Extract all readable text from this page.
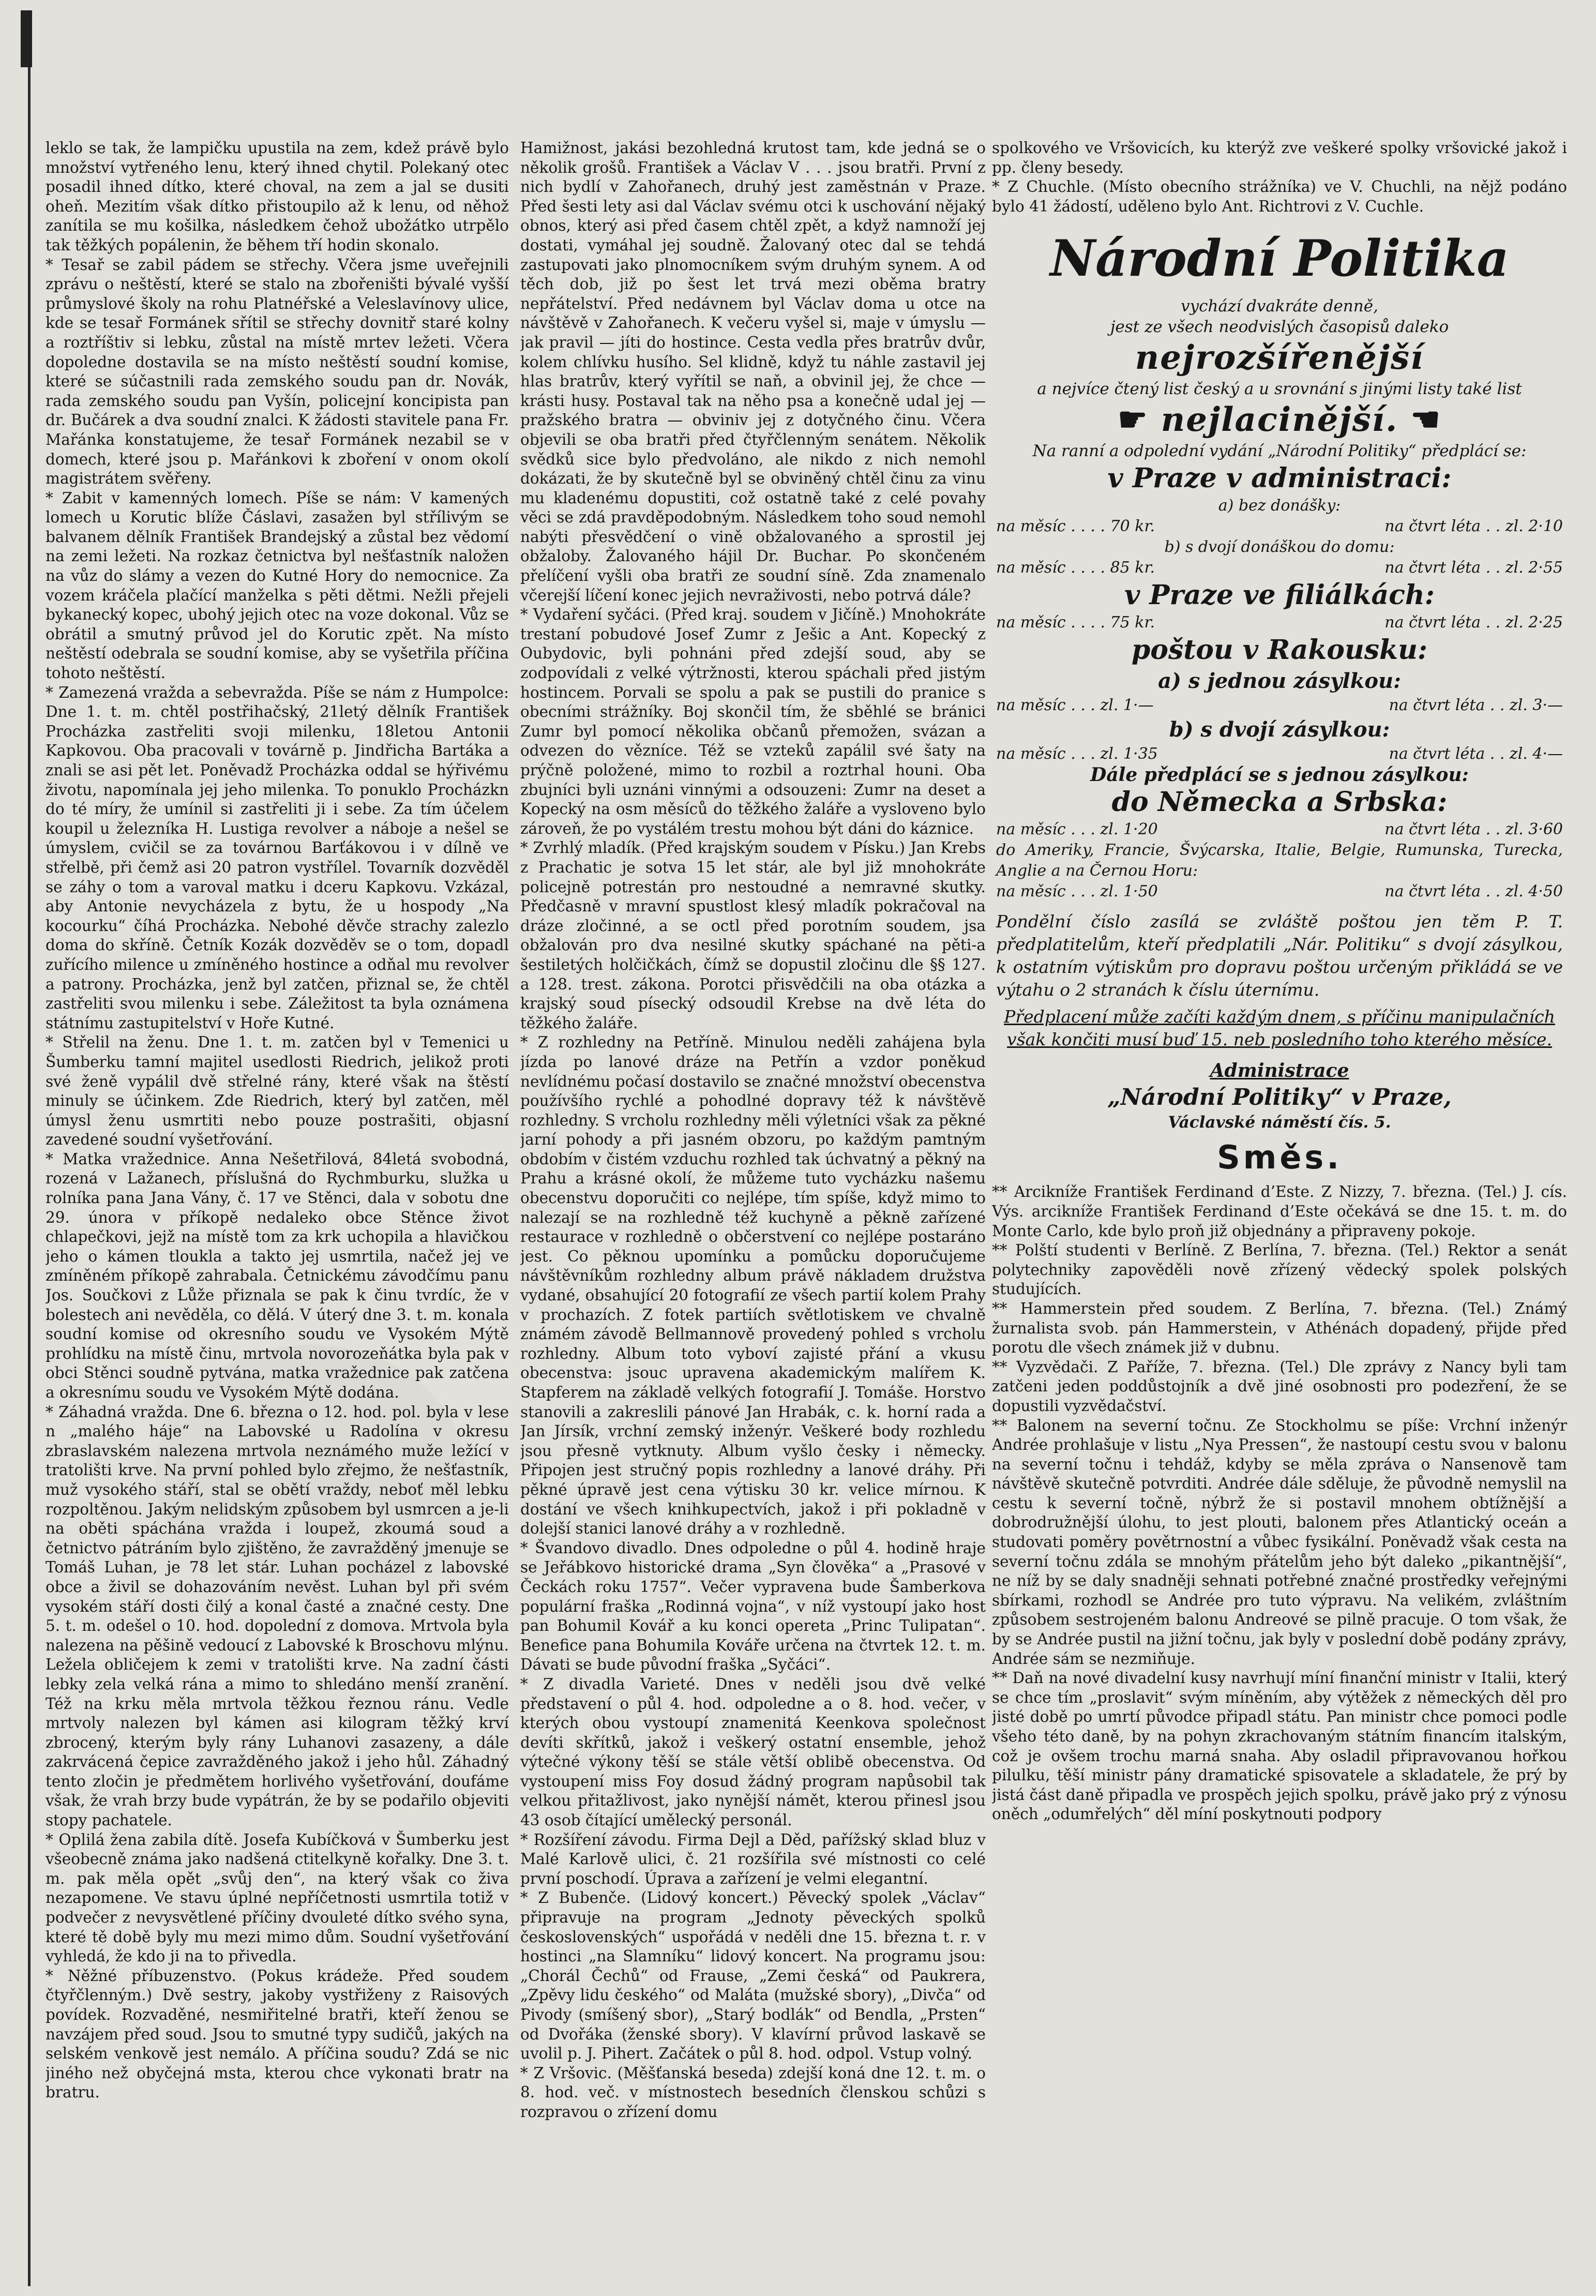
leklo se tak, že lampičku upustila na zem, kdež právě bylo množství vytřeného lenu, který ihned chytil. Polekaný otec posadil ihned dítko, které choval, na zem a jal se dusiti oheň. Mezitím však dítko přistoupilo až k lenu, od něhož zanítila se mu košilka, následkem čehož ubožátko utrpělo tak těžkých popálenin, že během tří hodin skonalo.

* Tesař se zabil pádem se střechy. Včera jsme uveřejnili zprávu o neštěstí, které se stalo na zbořeništi bývalé vyšší průmyslové školy na rohu Platnéřské a Veleslavínovy ulice, kde se tesař Formánek sřítil se střechy dovnitř staré kolny a roztříštiv si lebku, zůstal na místě mrtev ležeti. Včera dopoledne dostavila se na místo neštěstí soudní komise, které se súčastnili rada zemského soudu pan dr. Novák, rada zemského soudu pan Vyšín, policejní koncipista pan dr. Bučárek a dva soudní znalci. K žádosti stavitele pana Fr. Mařánka konstatujeme, že tesař Formánek nezabil se v domech, které jsou p. Mařánkovi k zboření v onom okolí magistrátem svěřeny.

* Zabit v kamenných lomech. Píše se nám: V kamených lomech u Korutic blíže Čáslavi, zasažen byl střílivým se balvanem dělník František Brandejský a zůstal bez vědomí na zemi ležeti. Na rozkaz četnictva byl nešťastník naložen na vůz do slámy a vezen do Kutné Hory do nemocnice. Za vozem kráčela plačící manželka s pěti dětmi. Nežli přejeli bykanecký kopec, ubohý jejich otec na voze dokonal. Vůz se obrátil a smutný průvod jel do Korutic zpět. Na místo neštěstí odebrala se soudní komise, aby se vyšetřila příčina tohoto neštěstí.

* Zamezená vražda a sebevražda. Píše se nám z Humpolce: Dne 1. t. m. chtěl postřihačský, 21letý dělník František Procházka zastřeliti svoji milenku, 18letou Antonii Kapkovou. Oba pracovali v továrně p. Jindřicha Bartáka a znali se asi pět let. Poněvadž Procházka oddal se hýřivému životu, napomínala jej jeho milenka. To ponuklo Procházkn do té míry, že umínil si zastřeliti ji i sebe. Za tím účelem koupil u železníka H. Lustiga revolver a náboje a nešel se úmyslem, cvičil se za továrnou Barťákovou i v dílně ve střelbě, při čemž asi 20 patron vystřílel. Tovarník dozvěděl se záhy o tom a varoval matku i dceru Kapkovu. Vzkázal, aby Antonie nevycházela z bytu, že u hospody „Na kocourku“ číhá Procházka. Nebohé děvče strachy zalezlo doma do skříně. Četník Kozák dozvěděv se o tom, dopadl zuřícího milence u zmíněného hostince a odňal mu revolver a patrony. Procházka, jenž byl zatčen, přiznal se, že chtěl zastřeliti svou milenku i sebe. Záležitost ta byla oznámena státnímu zastupitelství v Hoře Kutné.

* Střelil na ženu. Dne 1. t. m. zatčen byl v Temenici u Šumberku tamní majitel usedlosti Riedrich, jelikož proti své ženě vypálil dvě střelné rány, které však na štěstí minuly se účinkem. Zde Riedrich, který byl zatčen, měl úmysl ženu usmrtiti nebo pouze postrašiti, objasní zavedené soudní vyšetřování.

* Matka vražednice. Anna Nešetřilová, 84letá svobodná, rozená v Lažanech, příslušná do Rychmburku, služka u rolníka pana Jana Vány, č. 17 ve Stěnci, dala v sobotu dne 29. února v příkopě nedaleko obce Stěnce život chlapečkovi, jejž na místě tom za krk uchopila a hlavičkou jeho o kámen tloukla a takto jej usmrtila, načež jej ve zmíněném příkopě zahrabala. Četnickému závodčímu panu Jos. Součkovi z Lůže přiznala se pak k činu tvrdíc, že v bolestech ani nevěděla, co dělá. V úterý dne 3. t. m. konala soudní komise od okresního soudu ve Vysokém Mýtě prohlídku na místě činu, mrtvola novorozeňátka byla pak v obci Stěnci soudně pytvána, matka vražednice pak zatčena a okresnímu soudu ve Vysokém Mýtě dodána.

* Záhadná vražda. Dne 6. března o 12. hod. pol. byla v lese n „malého háje“ na Labovské u Radolína v okresu zbraslavském nalezena mrtvola neznámého muže ležící v tratolišti krve. Na první pohled bylo zřejmo, že nešťastník, muž vysokého stáří, stal se obětí vraždy, neboť měl lebku rozpoltěnou. Jakým nelidským způsobem byl usmrcen a je-li na oběti spáchána vražda i loupež, zkoumá soud a četnictvo pátráním bylo zjištěno, že zavražděný jmenuje se Tomáš Luhan, je 78 let stár. Luhan pocházel z labovské obce a živil se dohazováním nevěst. Luhan byl při svém vysokém stáří dosti čilý a konal časté a značné cesty. Dne 5. t. m. odešel o 10. hod. dopolední z domova. Mrtvola byla nalezena na pěšině vedoucí z Labovské k Broschovu mlýnu. Ležela obličejem k zemi v tratolišti krve. Na zadní části lebky zela velká rána a mimo to shledáno menší zranění. Též na krku měla mrtvola těžkou řeznou ránu. Vedle mrtvoly nalezen byl kámen asi kilogram těžký krví zbrocený, kterým byly rány Luhanovi zasazeny, a dále zakrvácená čepice zavražděného jakož i jeho hůl. Záhadný tento zločin je předmětem horlivého vyšetřování, doufáme však, že vrah brzy bude vypátrán, že by se podařilo objeviti stopy pachatele.

* Oplilá žena zabila dítě. Josefa Kubíčková v Šumberku jest všeobecně známa jako nadšená ctitelkyně kořalky. Dne 3. t. m. pak měla opět „svůj den“, na který však co živa nezapomene. Ve stavu úplné nepříčetnosti usmrtila totiž v podvečer z nevysvětlené příčiny dvouleté dítko svého syna, které tě době byly mu mezi mimo dům. Soudní vyšetřování vyhledá, že kdo ji na to přivedla.

* Něžné příbuzenstvo. (Pokus krádeže. Před soudem čtyřčlenným.) Dvě sestry, jakoby vystřiženy z Raisových povídek. Rozvaděné, nesmiřitelné bratři, kteří ženou se navzájem před soud. Jsou to smutné typy sudičů, jakých na selském venkově jest nemálo. A příčina soudu? Zdá se nic jiného než obyčejná msta, kterou chce vykonati bratr na bratru.

Hamižnost, jakási bezohledná krutost tam, kde jedná se o několik grošů. František a Václav V . . . jsou bratři. První z nich bydlí v Zahořanech, druhý jest zaměstnán v Praze. Před šesti lety asi dal Václav svému otci k uschování nějaký obnos, který asi před časem chtěl zpět, a když namnoží jej dostati, vymáhal jej soudně. Žalovaný otec dal se tehdá zastupovati jako plnomocníkem svým druhým synem. A od těch dob, již po šest let trvá mezi oběma bratry nepřátelství. Před nedávnem byl Václav doma u otce na návštěvě v Zahořanech. K večeru vyšel si, maje v úmyslu — jak pravil — jíti do hostince. Cesta vedla přes bratrův dvůr, kolem chlívku husího. Sel klidně, když tu náhle zastavil jej hlas bratrův, který vyřítil se naň, a obvinil jej, že chce — krásti husy. Postaval tak na něho psa a konečně udal jej — pražského bratra — obviniv jej z dotyčného činu. Včera objevili se oba bratři před čtyřčlenným senátem. Několik svědků sice bylo předvoláno, ale nikdo z nich nemohl dokázati, že by skutečně byl se obviněný chtěl činu za vinu mu kladenému dopustiti, což ostatně také z celé povahy věci se zdá pravděpodobným. Následkem toho soud nemohl nabýti přesvědčení o vině obžalovaného a sprostil jej obžaloby. Žalovaného hájil Dr. Buchar. Po skončeném přelíčení vyšli oba bratři ze soudní síně. Zda znamenalo včerejší líčení konec jejich nevraživosti, nebo potrvá dále?

* Vydaření syčáci. (Před kraj. soudem v Jičíně.) Mnohokráte trestaní pobudové Josef Zumr z Ješic a Ant. Kopecký z Oubydovic, byli pohnáni před zdejší soud, aby se zodpovídali z velké výtržnosti, kterou spáchali před jistým hostincem. Porvali se spolu a pak se pustili do pranice s obecními strážníky. Boj skončil tím, že sběhlé se bránici Zumr byl pomocí několika občanů přemožen, svázan a odvezen do vězníce. Též se vzteků zapálil své šaty na prýčně položené, mimo to rozbil a roztrhal houni. Oba zbujníci byli uznáni vinnými a odsouzeni: Zumr na deset a Kopecký na osm měsíců do těžkého žaláře a vysloveno bylo zároveň, že po vystálém trestu mohou být dáni do káznice.

* Zvrhlý mladík. (Před krajským soudem v Písku.) Jan Krebs z Prachatic je sotva 15 let stár, ale byl již mnohokráte policejně potrestán pro nestoudné a nemravné skutky. Předčasně v mravní spustlost klesý mladík pokračoval na dráze zločinné, a se octl před porotním soudem, jsa obžalován pro dva nesilné skutky spáchané na pěti-a šestiletých holčičkách, čímž se dopustil zločinu dle §§ 127. a 128. trest. zákona. Porotci přisvědčili na oba otázka a krajský soud písecký odsoudil Krebse na dvě léta do těžkého žaláře.

* Z rozhledny na Petříně. Minulou neděli zahájena byla jízda po lanové dráze na Petřín a vzdor poněkud nevlídnému počasí dostavilo se značné množství obecenstva používšího rychlé a pohodlné dopravy též k návštěvě rozhledny. S vrcholu rozhledny měli výletníci však za pěkné jarní pohody a při jasném obzoru, po každým pamtným obdobím v čistém vzduchu rozhled tak úchvatný a pěkný na Prahu a krásné okolí, že můžeme tuto vycházku našemu obecenstvu doporučiti co nejlépe, tím spíše, když mimo to nalezají se na rozhledně též kuchyně a pěkně zařízené restaurace v rozhledně o občerstvení co nejlépe postaráno jest. Co pěknou upomínku a pomůcku doporučujeme návštěvníkům rozhledny album právě nákladem družstva vydané, obsahující 20 fotografií ze všech partií kolem Prahy v prochazích. Z fotek partiích světlotiskem ve chvalně známém závodě Bellmannově provedený pohled s vrcholu rozhledny. Album toto vyboví zajisté přání a vkusu obecenstva: jsouc upravena akademickým malířem K. Stapferem na základě velkých fotografií J. Tomáše. Horstvo stanovili a zakreslili pánové Jan Hrabák, c. k. horní rada a Jan Jírsík, vrchní zemský inženýr. Veškeré body rozhledu jsou přesně vytknuty. Album vyšlo česky i německy. Připojen jest stručný popis rozhledny a lanové dráhy. Při pěkné úpravě jest cena výtisku 30 kr. velice mírnou. K dostání ve všech knihkupectvích, jakož i při pokladně v dolejší stanici lanové dráhy a v rozhledně.

* Švandovo divadlo. Dnes odpoledne o půl 4. hodině hraje se Jeřábkovo historické drama „Syn člověka“ a „Prasové v Čeckách roku 1757“. Večer vypravena bude Šamberkova populární fraška „Rodinná vojna“, v níž vystoupí jako host pan Bohumil Kovář a ku konci opereta „Princ Tulipatan“. Benefice pana Bohumila Kováře určena na čtvrtek 12. t. m. Dávati se bude původní fraška „Syčáci“.

* Z divadla Varieté. Dnes v neděli jsou dvě velké představení o půl 4. hod. odpoledne a o 8. hod. večer, v kterých obou vystoupí znamenitá Keenkova společnost devíti skřítků, jakož i veškerý ostatní ensemble, jehož výtečné výkony těší se stále větší oblibě obecenstva. Od vystoupení miss Foy dosud žádný program napůsobil tak velkou přitažlivost, jako nynější námět, kterou přinesl jsou 43 osob čítající umělecký personál.

* Rozšíření závodu. Firma Dejl a Děd, pařížský sklad bluz v Malé Karlově ulici, č. 21 rozšířila své místnosti co celé první poschodí. Úprava a zařízení je velmi elegantní.

* Z Bubenče. (Lidový koncert.) Pěvecký spolek „Václav“ připravuje na program „Jednoty pěveckých spolků československých“ uspořádá v neděli dne 15. března t. r. v hostinci „na Slamníku“ lidový koncert. Na programu jsou: „Chorál Čechů“ od Frause, „Zemi česká“ od Paukrera, „Zpěvy lidu českého“ od Maláta (mužské sbory), „Divča“ od Pivody (smíšený sbor), „Starý bodlák“ od Bendla, „Prsten“ od Dvořáka (ženské sbory). V klavírní průvod laskavě se uvolil p. J. Pihert. Začátek o půl 8. hod. odpol. Vstup volný.

* Z Vršovic. (Měšťanská beseda) zdejší koná dne 12. t. m. o 8. hod. več. v místnostech besedních členskou schůzi s rozpravou o zřízení domu

spolkového ve Vršovicích, ku kterýž zve veškeré spolky vršovické jakož i pp. členy besedy.

* Z Chuchle. (Místo obecního strážníka) ve V. Chuchli, na nějž podáno bylo 41 žádostí, uděleno bylo Ant. Richtrovi z V. Cuchle.

Národní Politika
vychází dvakráte denně,
jest ze všech neodvislých časopisů daleko
nejrozšířenější
a nejvíce čtený list český a u srovnání s jinými listy také list
☛ nejlacinější. ☚
Na ranní a odpolední vydání „Národní Politiky“ předplácí se:
v Praze v administraci:
a) bez donášky:
na měsíc . . . . 70 kr.	na čtvrt léta . . zl. 2·10
b) s dvojí donáškou do domu:
na měsíc . . . . 85 kr.	na čtvrt léta . . zl. 2·55
v Praze ve filiálkách:
na měsíc . . . . 75 kr.	na čtvrt léta . . zl. 2·25
poštou v Rakousku:
a) s jednou zásylkou:
na měsíc . . . zl. 1·—	na čtvrt léta . . zl. 3·—
b) s dvojí zásylkou:
na měsíc . . . zl. 1·35	na čtvrt léta . . zl. 4·—
Dále předplácí se s jednou zásylkou:
do Německa a Srbska:
na měsíc . . . zl. 1·20	na čtvrt léta . . zl. 3·60
do Ameriky, Francie, Švýcarska, Italie, Belgie, Rumunska, Turecka, Anglie a na Černou Horu:
na měsíc . . . zl. 1·50	na čtvrt léta . . zl. 4·50
Pondělní číslo zasílá se zvláště poštou jen těm P. T. předplatitelům, kteří předplatili „Nár. Politiku“ s dvojí zásylkou, k ostatním výtiskům pro dopravu poštou určeným přikládá se ve výtahu o 2 stranách k číslu úternímu.
Předplacení může začíti každým dnem, s příčinu manipulačních však končiti musí buď 15. neb posledního toho kterého měsíce.
Administrace
„Národní Politiky“ v Praze,
Václavské náměstí čís. 5.
Směs.

** Arcikníže František Ferdinand d’Este. Z Nizzy, 7. března. (Tel.) J. cís. Výs. arcikníže František Ferdinand d’Este očekává se dne 15. t. m. do Monte Carlo, kde bylo proň již objednány a připraveny pokoje.

** Polští studenti v Berlíně. Z Berlína, 7. března. (Tel.) Rektor a senát polytechniky zapověděli nově zřízený vědecký spolek polských studujících.

** Hammerstein před soudem. Z Berlína, 7. března. (Tel.) Známý žurnalista svob. pán Hammerstein, v Athénách dopadený, přijde před porotu dle všech známek již v dubnu.

** Vyzvědači. Z Paříže, 7. března. (Tel.) Dle zprávy z Nancy byli tam zatčeni jeden poddůstojník a dvě jiné osobnosti pro podezření, že se dopustili vyzvědačství.

** Balonem na severní točnu. Ze Stockholmu se píše: Vrchní inženýr Andrée prohlašuje v listu „Nya Pressen“, že nastoupí cestu svou v balonu na severní točnu i tehdáž, kdyby se měla zpráva o Nansenově tam návštěvě skutečně potvrditi. Andrée dále sděluje, že původně nemyslil na cestu k severní točně, nýbrž že si postavil mnohem obtížnější a dobrodružnější úlohu, to jest plouti, balonem přes Atlantický oceán a studovati poměry povětrnostní a vůbec fysikální. Poněvadž však cesta na severní točnu zdála se mnohým přátelům jeho být daleko „pikantnější“, ne níž by se daly snadněji sehnati potřebné značné prostředky veřejnými sbírkami, rozhodl se Andrée pro tuto výpravu. Na velikém, zvláštním způsobem sestrojeném balonu Andreové se pilně pracuje. O tom však, že by se Andrée pustil na jižní točnu, jak byly v poslední době podány zprávy, Andrée sám se nezmiňuje.

** Daň na nové divadelní kusy navrhují míní finanční ministr v Italii, který se chce tím „proslavit“ svým míněním, aby výtěžek z německých děl pro jisté době po umrtí původce připadl státu. Pan ministr chce pomoci podle všeho této daně, by na pohyn zkrachovaným státním financím italským, což je ovšem trochu marná snaha. Aby osladil připravovanou hořkou pilulku, těší ministr pány dramatické spisovatele a skladatele, že prý by jistá část daně připadla ve prospěch jejich spolku, právě jako prý z výnosu oněch „odumřelých“ děl míní poskytnouti podpory
